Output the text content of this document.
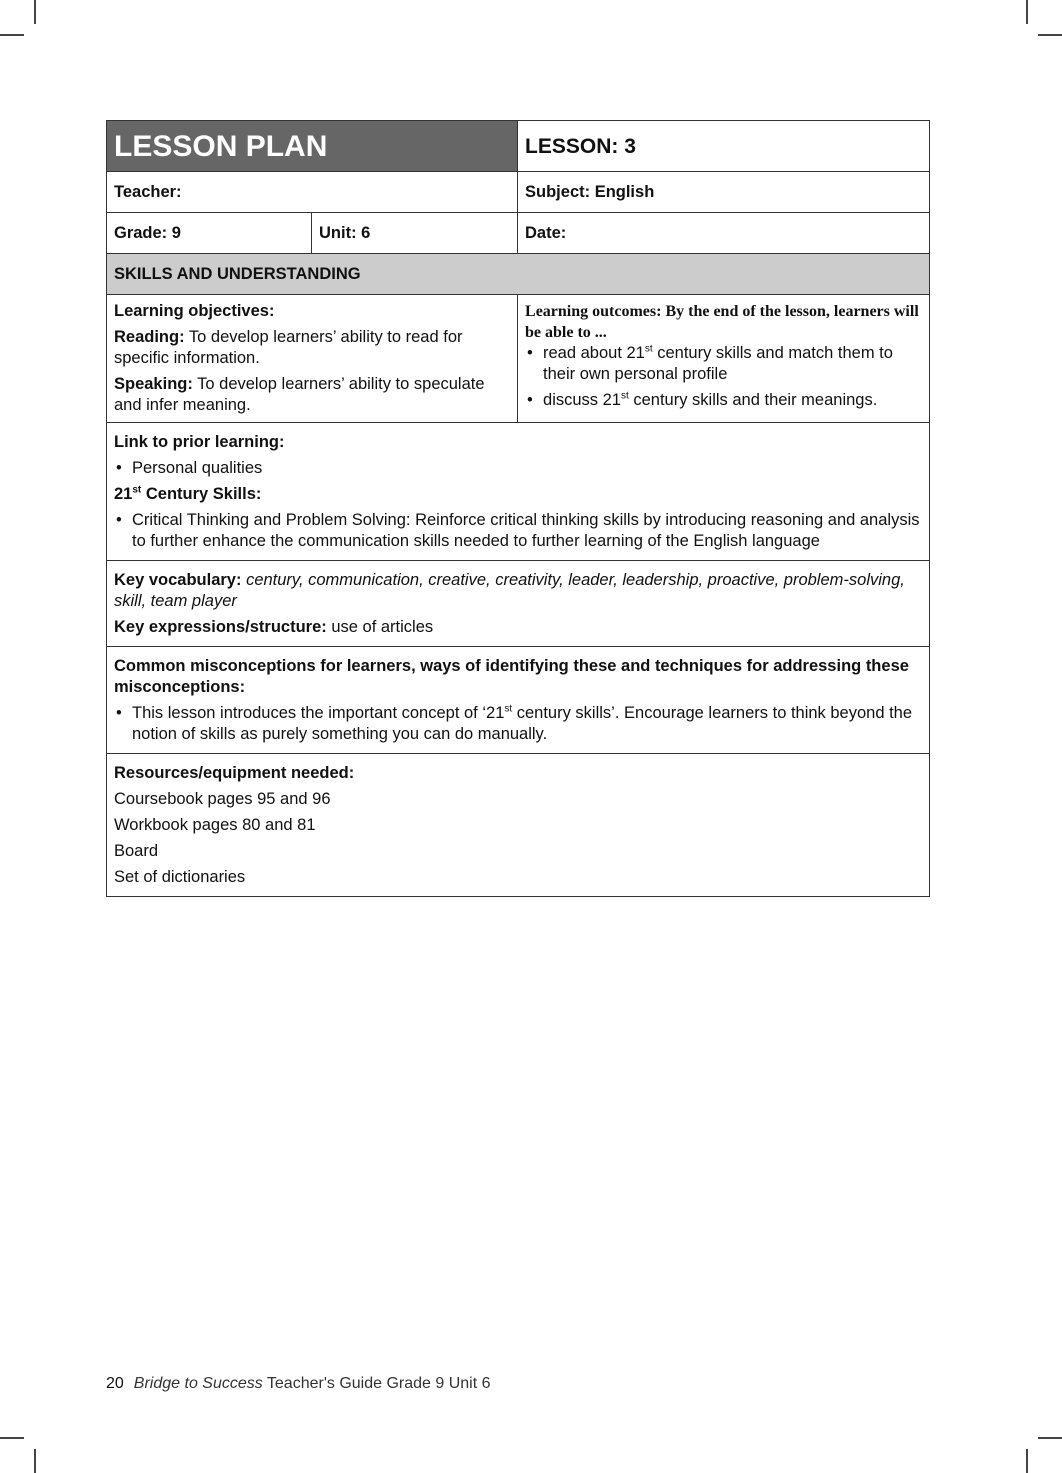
LESSON PLAN		LESSON: 3
Teacher:		Subject: English
Grade: 9	Unit: 6	Date:
SKILLS AND UNDERSTANDING		

Learning objectives:

Reading: To develop learners’ ability to read for specific information.

Speaking: To develop learners’ ability to speculate and infer meaning.

Learning outcomes: By the end of the lesson, learners will be able to ...
• read about 21st century skills and match them to their own personal profile
• discuss 21st century skills and their meanings.

Link to prior learning:

• Personal qualities

21st Century Skills:

• Critical Thinking and Problem Solving: Reinforce critical thinking skills by introducing reasoning and analysis to further enhance the communication skills needed to further learning of the English language

Key vocabulary: century, communication, creative, creativity, leader, leadership, proactive, problem-solving, skill, team player

Key expressions/structure: use of articles		

Common misconceptions for learners, ways of identifying these and techniques for addressing these misconceptions:

• This lesson introduces the important concept of ‘21st century skills’. Encourage learners to think beyond the notion of skills as purely something you can do manually.

Resources/equipment needed:

Coursebook pages 95 and 96

Workbook pages 80 and 81

Board

Set of dictionaries		

20 Bridge to Success Teacher's Guide Grade 9 Unit 6
